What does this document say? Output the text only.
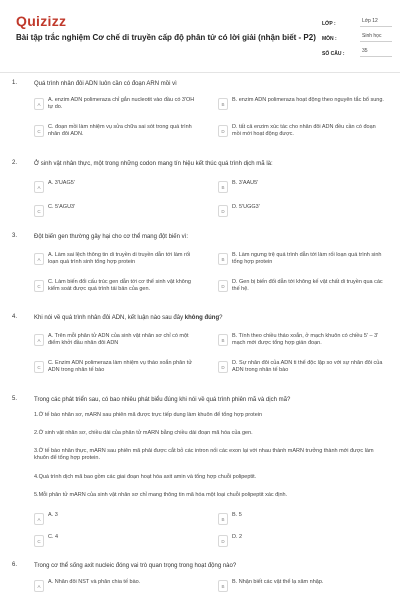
Quizizz
Bài tập trắc nghiệm Cơ chế di truyền cấp độ phân tử có lời giải (nhận biết - P2)
LỚP :	Lớp 12
MÔN :	Sinh học
SỐ CÂU :	35
1.	Quá trình nhân đôi ADN luôn cần có đoạn ARN mồi vì
A
A. enzim ADN polimeraza chỉ gắn nucleotit vào đầu có 3'OH tự do.	B
B. enzim ADN polimeraza hoạt động theo nguyên tắc bổ sung.
C
C. đoạn mồi làm nhiệm vụ sửa chữa sai sót trong quá trình nhân đôi ADN.	D
D. tất cả enzim xúc tác cho nhân đôi ADN đều cần có đoạn mồi mới hoạt động được.
2.	Ở sinh vật nhân thực, một trong những codon mang tín hiệu kết thúc quá trình dịch mã là:
A
A. 3'UAG5'
B
B. 3'AAU5'
C
C. 5'AGU3'
D
D. 5'UGG3'
3.	Đột biến gen thường gây hại cho cơ thể mang đột biến vì:
A
A. Làm sai lệch thông tin di truyền di truyền dẫn tới làm rối loạn quá trình sinh tổng hợp protein	B
B. Làm ngưng trệ quá trình dẫn tới làm rối loạn quá trình sinh tổng hợp protein
C
C. Làm biến đổi cấu trúc gen dẫn tới cơ thể sinh vật không kiểm soát được quá trình tái bản của gen.	D
D. Gen bị biến đổi dẫn tới không kế vật chất di truyền qua các thế hệ.
4.	Khi nói về quá trình nhân đôi ADN, kết luận nào sau đây không đúng?
A
A. Trên mỗi phân tử ADN của sinh vật nhân sơ chỉ có một điểm khởi đầu nhân đôi ADN	B
B. Tính theo chiều tháo xoắn, ở mạch khuôn có chiều 5' – 3' mạch mới được tổng hợp gián đoạn.
C
C. Enzim ADN polimeraza làm nhiệm vụ tháo xoắn phân tử ADN trong nhân tế bào	D
D. Sự nhân đôi của ADN ti thể độc lập so với sự nhân đôi của ADN trong nhân tế bào
5.	Trong các phát triển sau, có bao nhiêu phát biểu đúng khi nói về quá trình phiên mã và dịch mã?
1.Ở tế bào nhân sơ, mARN sau phiên mã được trực tiếp dung làm khuôn để tổng hợp protein
2.Ở sinh vật nhân sơ, chiều dài của phân tử mARN bằng chiều dài đoạn mã hóa của gen.
3.Ở tế bào nhân thực, mARN sau phiên mã phải được cắt bỏ các intron nối các exon lại với nhau thành mARN trưởng thành mới được làm khuôn để tổng hợp protein.
4.Quá trình dịch mã bao gồm các giai đoạn hoạt hóa axit amin và tổng hợp chuỗi polipeptit.
5.Mỗi phân tử mARN của sinh vật nhân sơ chỉ mang thông tin mã hóa một loại chuỗi polipeptit xác định.
A
A. 3
B
B. 5
C
C. 4
D
D. 2
6.	Trong cơ thể sống axit nucleic đóng vai trò quan trọng trong hoạt động nào?
A
A. Nhân đôi NST và phân chia tế bào.
B
B. Nhận biết các vật thể lạ xâm nhập.
